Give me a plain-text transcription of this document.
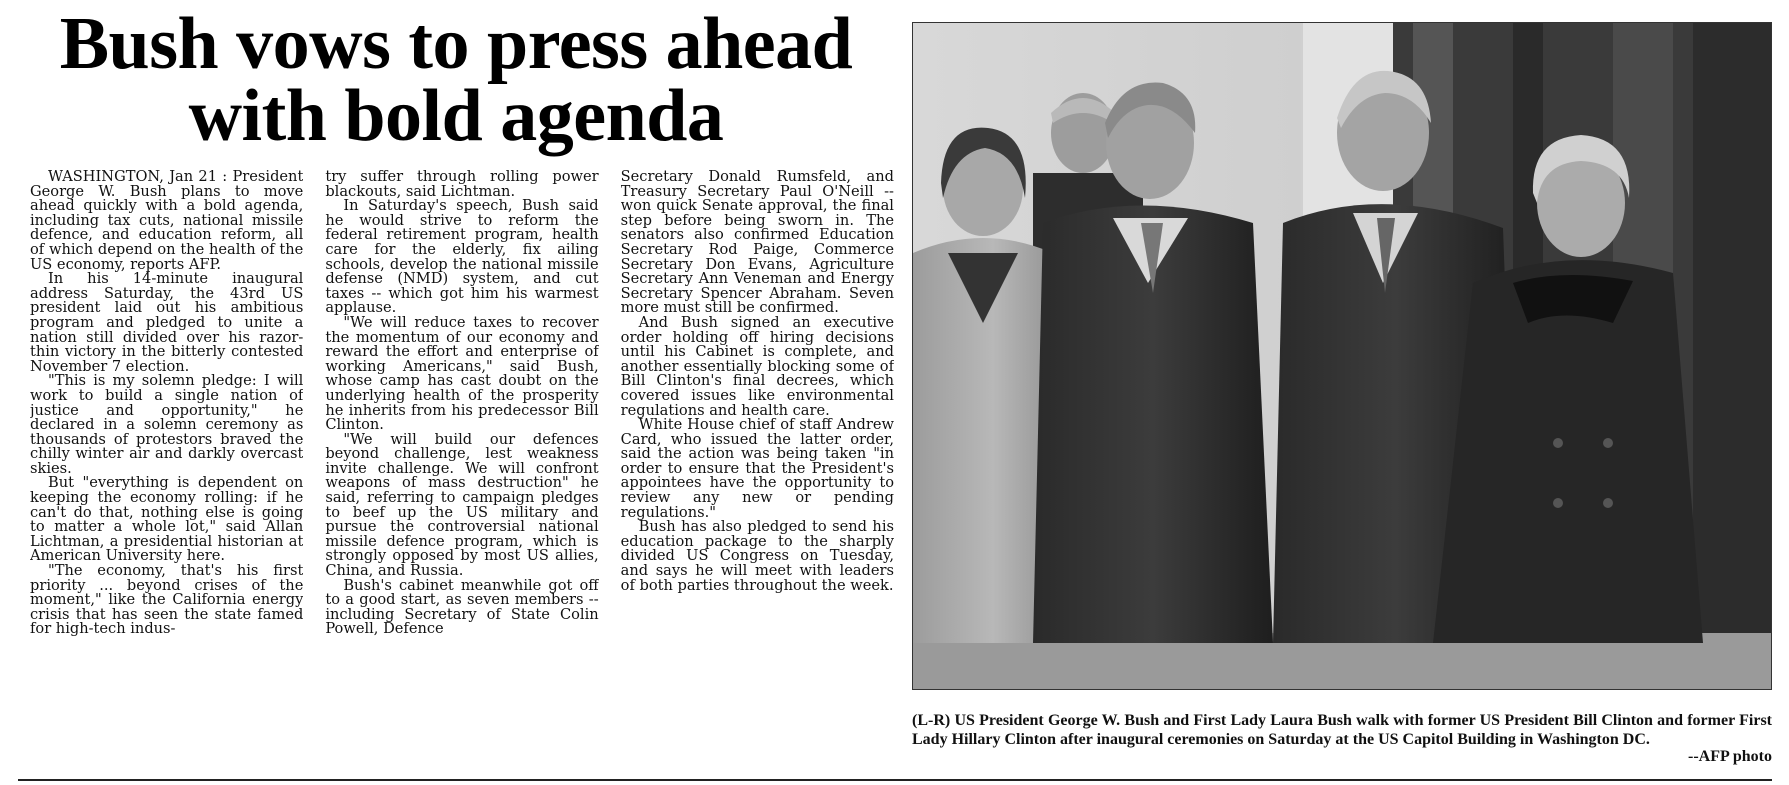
Bush vows to press ahead
with bold agenda

WASHINGTON, Jan 21 : President George W. Bush plans to move ahead quickly with a bold agenda, including tax cuts, national missile defence, and education reform, all of which depend on the health of the US economy, reports AFP.

In his 14-minute inaugural address Saturday, the 43rd US president laid out his ambitious program and pledged to unite a nation still divided over his razor-thin victory in the bitterly contested November 7 election.

"This is my solemn pledge: I will work to build a single nation of justice and opportunity," he declared in a solemn ceremony as thousands of protestors braved the chilly winter air and darkly overcast skies.

But "everything is dependent on keeping the economy rolling: if he can't do that, nothing else is going to matter a whole lot," said Allan Lichtman, a presidential historian at American University here.

"The economy, that's his first priority ... beyond crises of the moment," like the California energy crisis that has seen the state famed for high-tech indus-

try suffer through rolling power blackouts, said Lichtman.

In Saturday's speech, Bush said he would strive to reform the federal retirement program, health care for the elderly, fix ailing schools, develop the national missile defense (NMD) system, and cut taxes -- which got him his warmest applause.

"We will reduce taxes to recover the momentum of our economy and reward the effort and enterprise of working Americans," said Bush, whose camp has cast doubt on the underlying health of the prosperity he inherits from his predecessor Bill Clinton.

"We will build our defences beyond challenge, lest weakness invite challenge. We will confront weapons of mass destruction" he said, referring to campaign pledges to beef up the US military and pursue the controversial national missile defence program, which is strongly opposed by most US allies, China, and Russia.

Bush's cabinet meanwhile got off to a good start, as seven members -- including Secretary of State Colin Powell, Defence

Secretary Donald Rumsfeld, and Treasury Secretary Paul O'Neill -- won quick Senate approval, the final step before being sworn in. The senators also confirmed Education Secretary Rod Paige, Commerce Secretary Don Evans, Agriculture Secretary Ann Veneman and Energy Secretary Spencer Abraham. Seven more must still be confirmed.

And Bush signed an executive order holding off hiring decisions until his Cabinet is complete, and another essentially blocking some of Bill Clinton's final decrees, which covered issues like environmental regulations and health care.

White House chief of staff Andrew Card, who issued the latter order, said the action was being taken "in order to ensure that the President's appointees have the opportunity to review any new or pending regulations."

Bush has also pledged to send his education package to the sharply divided US Congress on Tuesday, and says he will meet with leaders of both parties throughout the week.

(L-R) US President George W. Bush and First Lady Laura Bush walk with former US President Bill Clinton and former First Lady Hillary Clinton after inaugural ceremonies on Saturday at the US Capitol Building in Washington DC.
--AFP photo
